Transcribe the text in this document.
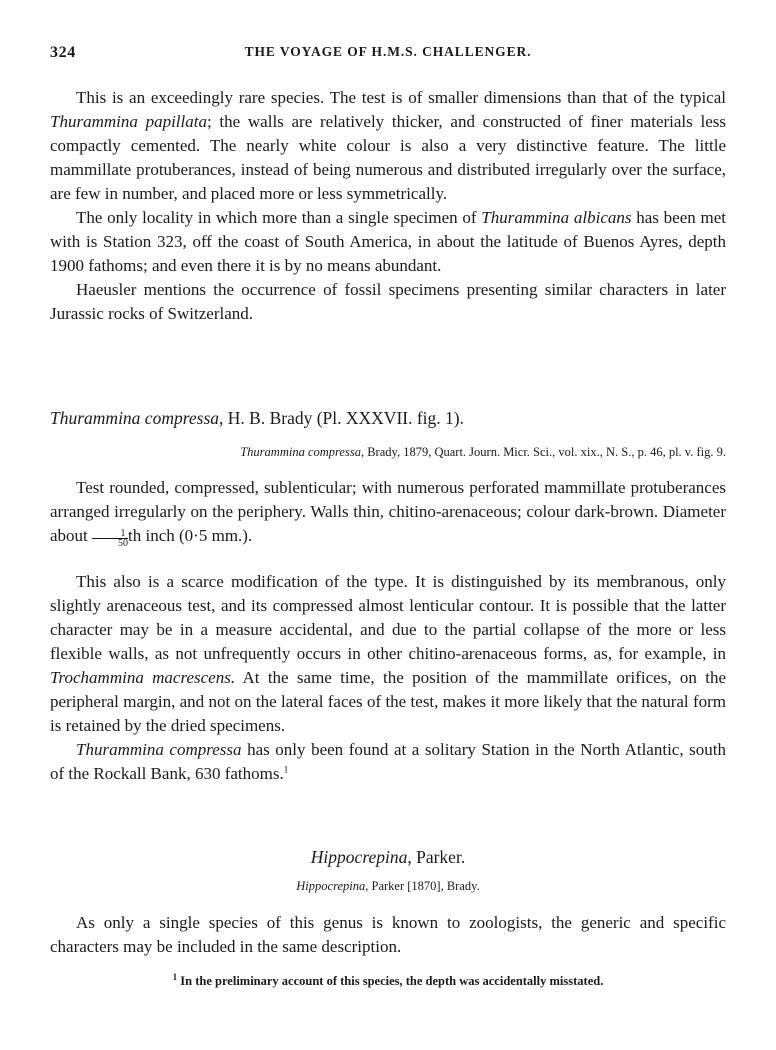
324	THE VOYAGE OF H.M.S. CHALLENGER.

This is an exceedingly rare species. The test is of smaller dimensions than that of the typical Thurammina papillata; the walls are relatively thicker, and constructed of finer materials less compactly cemented. The nearly white colour is also a very distinctive feature. The little mammillate protuberances, instead of being numerous and distributed irregularly over the surface, are few in number, and placed more or less symmetrically.

The only locality in which more than a single specimen of Thurammina albicans has been met with is Station 323, off the coast of South America, in about the latitude of Buenos Ayres, depth 1900 fathoms; and even there it is by no means abundant.

Haeusler mentions the occurrence of fossil specimens presenting similar characters in later Jurassic rocks of Switzerland.

Thurammina compressa, H. B. Brady (Pl. XXXVII. fig. 1).
Thurammina compressa, Brady, 1879, Quart. Journ. Micr. Sci., vol. xix., N. S., p. 46, pl. v. fig. 9.

Test rounded, compressed, sublenticular; with numerous perforated mammillate protuberances arranged irregularly on the periphery. Walls thin, chitino-arenaceous; colour dark-brown. Diameter about $\frac{1}{50}$ th inch (0·5 mm.).

This also is a scarce modification of the type. It is distinguished by its membranous, only slightly arenaceous test, and its compressed almost lenticular contour. It is possible that the latter character may be in a measure accidental, and due to the partial collapse of the more or less flexible walls, as not unfrequently occurs in other chitino-arenaceous forms, as, for example, in Trochammina macrescens. At the same time, the position of the mammillate orifices, on the peripheral margin, and not on the lateral faces of the test, makes it more likely that the natural form is retained by the dried specimens.

Thurammina compressa has only been found at a solitary Station in the North Atlantic, south of the Rockall Bank, 630 fathoms.$^1$

Hippocrepina, Parker.
Hippocrepina, Parker [1870], Brady.

As only a single species of this genus is known to zoologists, the generic and specific characters may be included in the same description.

$^1$ In the preliminary account of this species, the depth was accidentally misstated.
